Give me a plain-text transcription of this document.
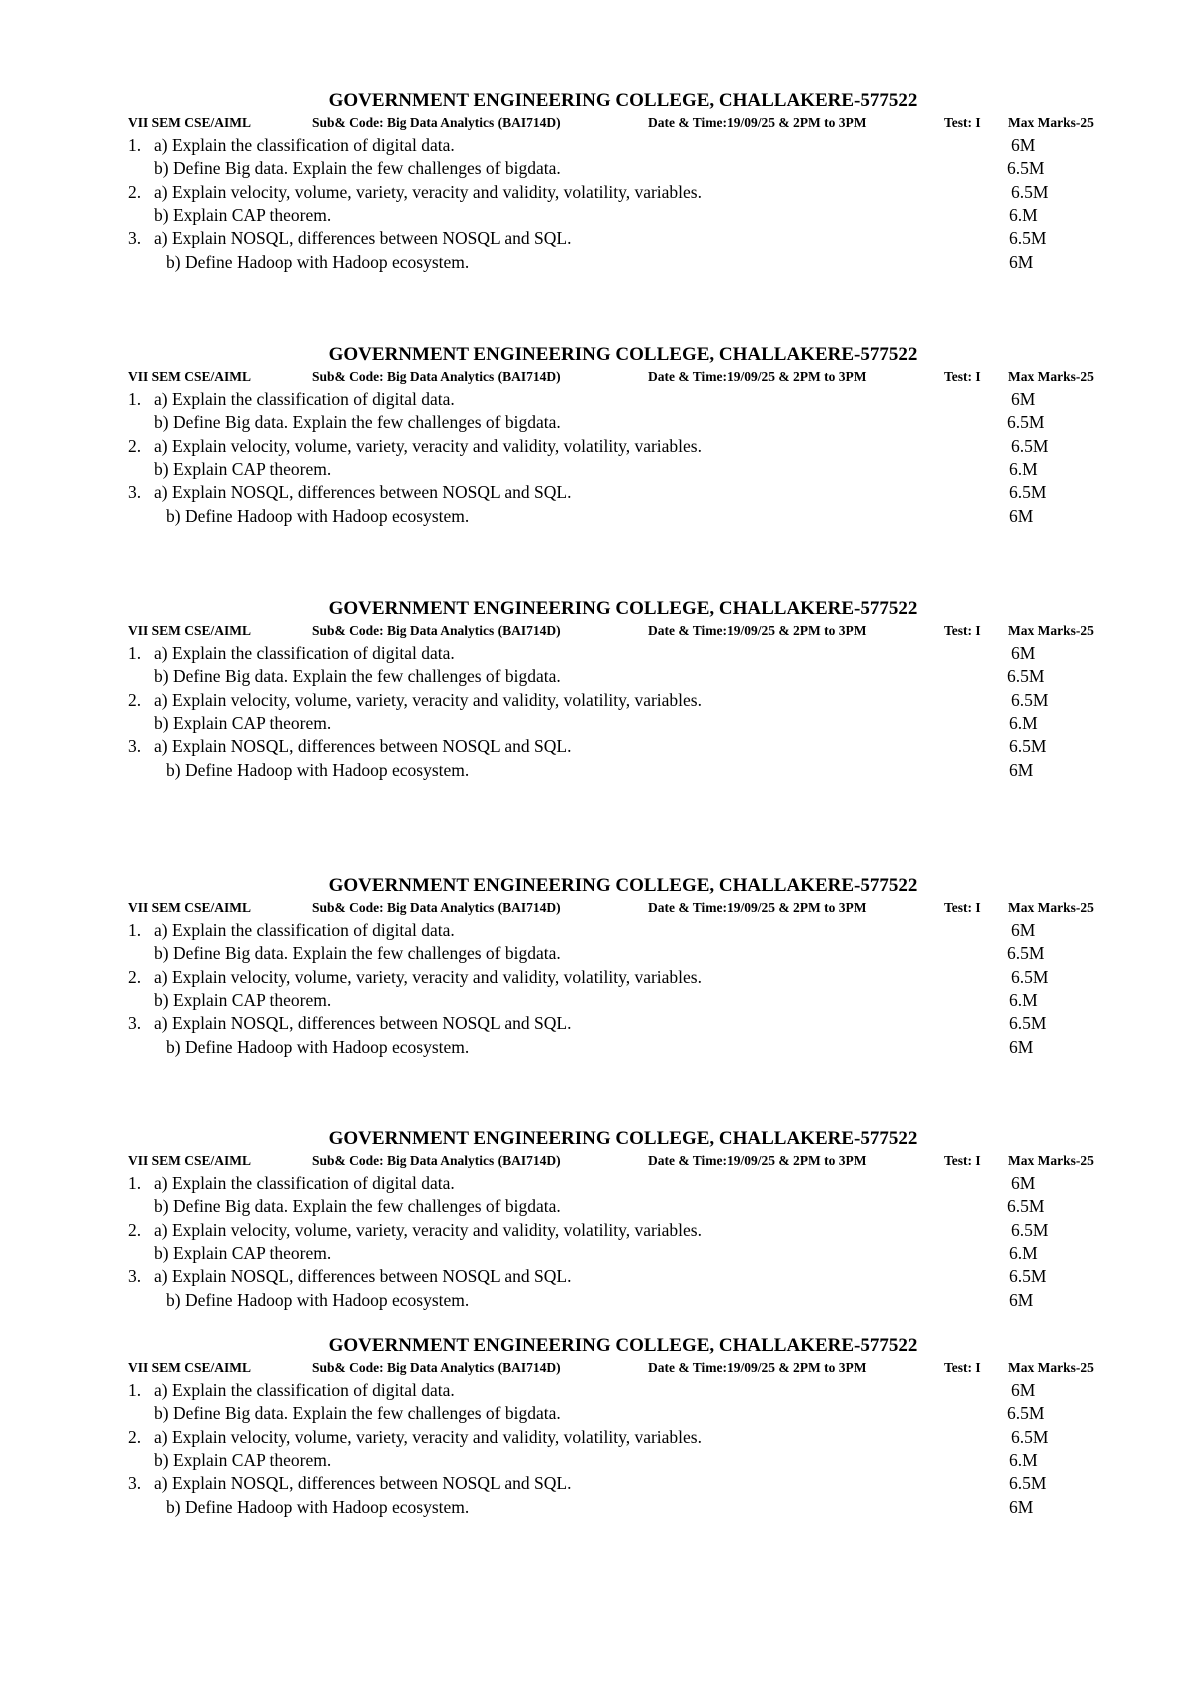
GOVERNMENT ENGINEERING COLLEGE, CHALLAKERE-577522
VII SEM CSE/AIML	Sub& Code: Big Data Analytics (BAI714D)	Date & Time:19/09/25 & 2PM to 3PM	Test: I Max Marks-25
1. a) Explain the classification of digital data.	6M
b) Define Big data. Explain the few challenges of bigdata.	6.5M
2. a) Explain velocity, volume, variety, veracity and validity, volatility, variables.	6.5M
b) Explain CAP theorem.	6.M
3. a) Explain NOSQL, differences between NOSQL and SQL.	6.5M
b) Define Hadoop with Hadoop ecosystem.	6M
GOVERNMENT ENGINEERING COLLEGE, CHALLAKERE-577522
VII SEM CSE/AIML	Sub& Code: Big Data Analytics (BAI714D)	Date & Time:19/09/25 & 2PM to 3PM	Test: I Max Marks-25
1. a) Explain the classification of digital data.	6M
b) Define Big data. Explain the few challenges of bigdata.	6.5M
2. a) Explain velocity, volume, variety, veracity and validity, volatility, variables.	6.5M
b) Explain CAP theorem.	6.M
3. a) Explain NOSQL, differences between NOSQL and SQL.	6.5M
b) Define Hadoop with Hadoop ecosystem.	6M
GOVERNMENT ENGINEERING COLLEGE, CHALLAKERE-577522
VII SEM CSE/AIML	Sub& Code: Big Data Analytics (BAI714D)	Date & Time:19/09/25 & 2PM to 3PM	Test: I Max Marks-25
1. a) Explain the classification of digital data.	6M
b) Define Big data. Explain the few challenges of bigdata.	6.5M
2. a) Explain velocity, volume, variety, veracity and validity, volatility, variables.	6.5M
b) Explain CAP theorem.	6.M
3. a) Explain NOSQL, differences between NOSQL and SQL.	6.5M
b) Define Hadoop with Hadoop ecosystem.	6M
GOVERNMENT ENGINEERING COLLEGE, CHALLAKERE-577522
VII SEM CSE/AIML	Sub& Code: Big Data Analytics (BAI714D)	Date & Time:19/09/25 & 2PM to 3PM	Test: I Max Marks-25
1. a) Explain the classification of digital data.	6M
b) Define Big data. Explain the few challenges of bigdata.	6.5M
2. a) Explain velocity, volume, variety, veracity and validity, volatility, variables.	6.5M
b) Explain CAP theorem.	6.M
3. a) Explain NOSQL, differences between NOSQL and SQL.	6.5M
b) Define Hadoop with Hadoop ecosystem.	6M
GOVERNMENT ENGINEERING COLLEGE, CHALLAKERE-577522
VII SEM CSE/AIML	Sub& Code: Big Data Analytics (BAI714D)	Date & Time:19/09/25 & 2PM to 3PM	Test: I Max Marks-25
1. a) Explain the classification of digital data.	6M
b) Define Big data. Explain the few challenges of bigdata.	6.5M
2. a) Explain velocity, volume, variety, veracity and validity, volatility, variables.	6.5M
b) Explain CAP theorem.	6.M
3. a) Explain NOSQL, differences between NOSQL and SQL.	6.5M
b) Define Hadoop with Hadoop ecosystem.	6M
GOVERNMENT ENGINEERING COLLEGE, CHALLAKERE-577522
VII SEM CSE/AIML	Sub& Code: Big Data Analytics (BAI714D)	Date & Time:19/09/25 & 2PM to 3PM	Test: I Max Marks-25
1. a) Explain the classification of digital data.	6M
b) Define Big data. Explain the few challenges of bigdata.	6.5M
2. a) Explain velocity, volume, variety, veracity and validity, volatility, variables.	6.5M
b) Explain CAP theorem.	6.M
3. a) Explain NOSQL, differences between NOSQL and SQL.	6.5M
b) Define Hadoop with Hadoop ecosystem.	6M
